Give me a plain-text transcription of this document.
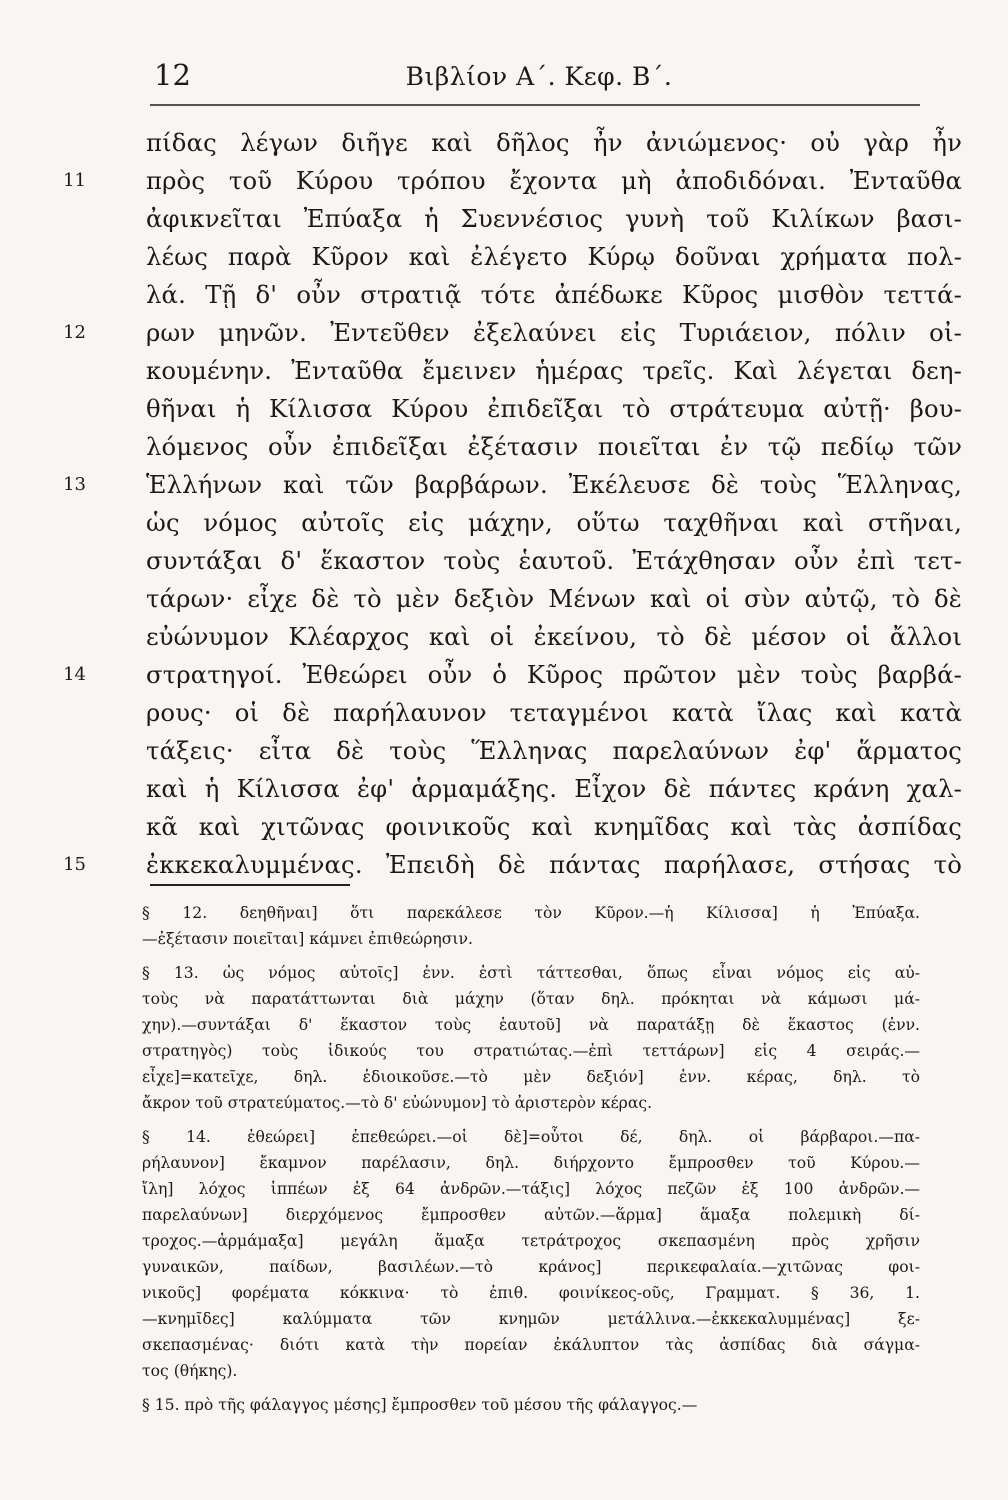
12	Βιβλίον Α΄. Κεφ. Β΄.
πίδας λέγων διῆγε καὶ δῆλος ἦν ἀνιώμενος· οὐ γὰρ ἦν
11 πρὸς τοῦ Κύρου τρόπου ἔχοντα μὴ ἀποδιδόναι. Ἐνταῦθα
ἀφικνεῖται Ἐπύαξα ἡ Συεννέσιος γυνὴ τοῦ Κιλίκων βασι-
λέως παρὰ Κῦρον καὶ ἐλέγετο Κύρῳ δοῦναι χρήματα πολ-
λά. Τῇ δ' οὖν στρατιᾷ τότε ἀπέδωκε Κῦρος μισθὸν τεττά-
12 ρων μηνῶν. Ἐντεῦθεν ἐξελαύνει εἰς Τυριάειον, πόλιν οἰ-
κουμένην. Ἐνταῦθα ἔμεινεν ἡμέρας τρεῖς. Καὶ λέγεται δεη-
θῆναι ἡ Κίλισσα Κύρου ἐπιδεῖξαι τὸ στράτευμα αὐτῇ· βου-
λόμενος οὖν ἐπιδεῖξαι ἐξέτασιν ποιεῖται ἐν τῷ πεδίῳ τῶν
13 Ἑλλήνων καὶ τῶν βαρβάρων. Ἐκέλευσε δὲ τοὺς Ἕλληνας,
ὡς νόμος αὐτοῖς εἰς μάχην, οὕτω ταχθῆναι καὶ στῆναι,
συντάξαι δ' ἕκαστον τοὺς ἑαυτοῦ. Ἐτάχθησαν οὖν ἐπὶ τετ-
τάρων· εἶχε δὲ τὸ μὲν δεξιὸν Μένων καὶ οἱ σὺν αὐτῷ, τὸ δὲ
εὐώνυμον Κλέαρχος καὶ οἱ ἐκείνου, τὸ δὲ μέσον οἱ ἄλλοι
14 στρατηγοί. Ἐθεώρει οὖν ὁ Κῦρος πρῶτον μὲν τοὺς βαρβά-
ρους· οἱ δὲ παρήλαυνον τεταγμένοι κατὰ ἴλας καὶ κατὰ
τάξεις· εἶτα δὲ τοὺς Ἕλληνας παρελαύνων ἐφ' ἅρματος
καὶ ἡ Κίλισσα ἐφ' ἁρμαμάξης. Εἶχον δὲ πάντες κράνη χαλ-
κᾶ καὶ χιτῶνας φοινικοῦς καὶ κνημῖδας καὶ τὰς ἀσπίδας
15 ἐκκεκαλυμμένας. Ἐπειδὴ δὲ πάντας παρήλασε, στήσας τὸ
§ 12. δεηθῆναι] ὅτι παρεκάλεσε τὸν Κῦρον.—ἡ Κίλισσα] ἡ Ἐπύαξα.
—ἐξέτασιν ποιεῖται] κάμνει ἐπιθεώρησιν.
§ 13. ὡς νόμος αὐτοῖς] ἐνν. ἐστὶ τάττεσθαι, ὅπως εἶναι νόμος εἰς αὐ-
τοὺς νὰ παρατάττωνται διὰ μάχην (ὅταν δηλ. πρόκηται νὰ κάμωσι μά-
χην).—συντάξαι δ' ἕκαστον τοὺς ἑαυτοῦ] νὰ παρατάξῃ δὲ ἕκαστος (ἐνν.
στρατηγὸς) τοὺς ἰδικούς του στρατιώτας.—ἐπὶ τεττάρων] εἰς 4 σειράς.—
εἶχε]=κατεῖχε, δηλ. ἐδιοικοῦσε.—τὸ μὲν δεξιόν] ἐνν. κέρας, δηλ. τὸ
ἄκρον τοῦ στρατεύματος.—τὸ δ' εὐώνυμον] τὸ ἀριστερὸν κέρας.
§ 14. ἐθεώρει] ἐπεθεώρει.—οἱ δὲ]=οὗτοι δέ, δηλ. οἱ βάρβαροι.—πα-
ρήλαυνον] ἔκαμνον παρέλασιν, δηλ. διήρχοντο ἔμπροσθεν τοῦ Κύρου.—
ἴλη] λόχος ἱππέων ἐξ 64 ἀνδρῶν.—τάξις] λόχος πεζῶν ἐξ 100 ἀνδρῶν.—
παρελαύνων] διερχόμενος ἔμπροσθεν αὐτῶν.—ἅρμα] ἅμαξα πολεμικὴ δί-
τροχος.—ἁρμάμαξα] μεγάλη ἅμαξα τετράτροχος σκεπασμένη πρὸς χρῆσιν
γυναικῶν, παίδων, βασιλέων.—τὸ κράνος] περικεφαλαία.—χιτῶνας φοι-
νικοῦς] φορέματα κόκκινα· τὸ ἐπιθ. φοινίκεος-οῦς, Γραμματ. § 36, 1.
—κνημῖδες] καλύμματα τῶν κνημῶν μετάλλινα.—ἐκκεκαλυμμένας] ξε-
σκεπασμένας· διότι κατὰ τὴν πορείαν ἐκάλυπτον τὰς ἀσπίδας διὰ σάγμα-
τος (θήκης).
§ 15. πρὸ τῆς φάλαγγος μέσης] ἔμπροσθεν τοῦ μέσου τῆς φάλαγγος.—
